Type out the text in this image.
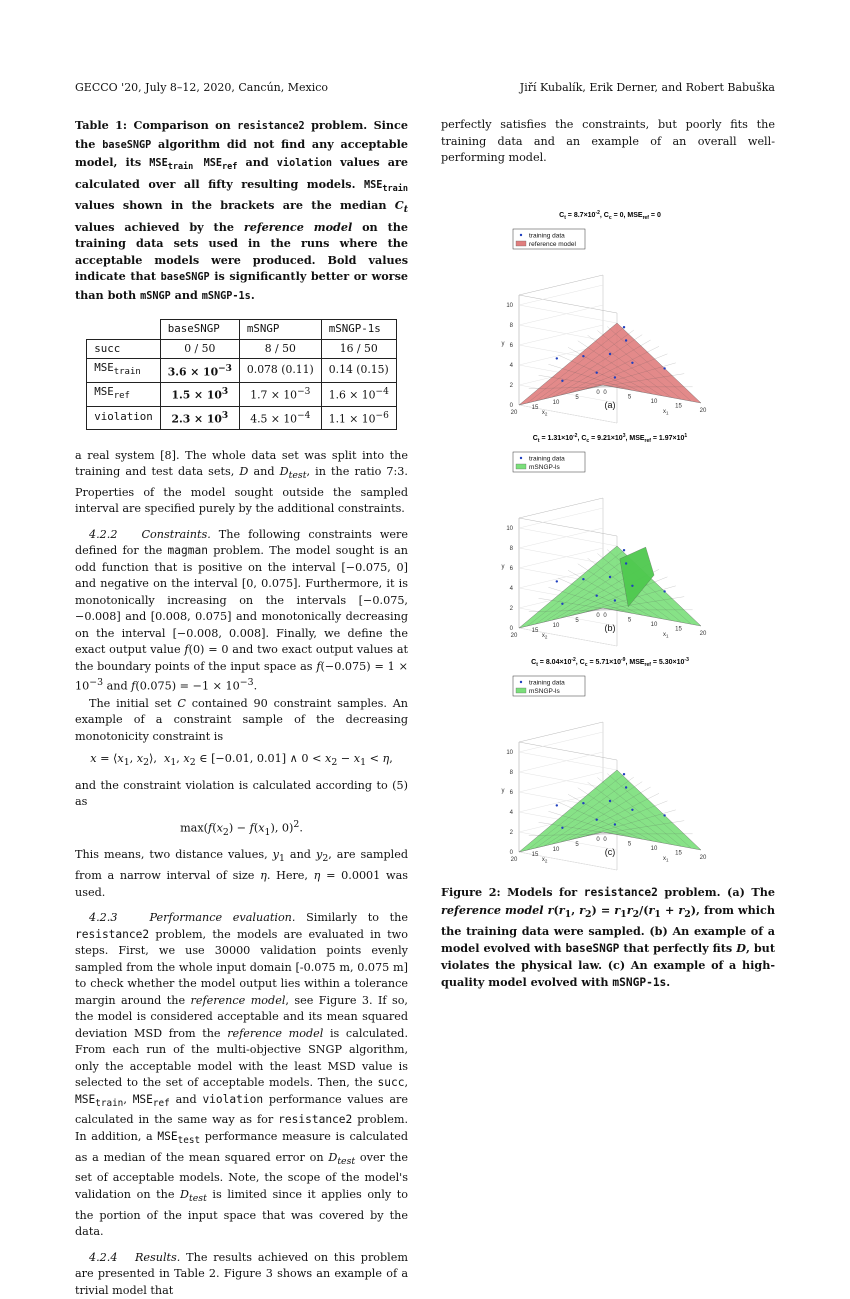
GECCO '20, July 8–12, 2020, Cancún, Mexico	Jiří Kubalík, Erik Derner, and Robert Babuška

Table 1: Comparison on resistance2 problem. Since the baseSNGP algorithm did not find any acceptable model, its $MSE_{train}$ $MSE_{ref}$ and violation values are calculated over all fifty resulting models. $MSE_{train}$ values shown in the brackets are the median $C_t$ values achieved by the reference model on the training data sets used in the runs where the acceptable models were produced. Bold values indicate that baseSNGP is significantly better or worse than both mSNGP and mSNGP-1s.

	baseSNGP	mSNGP	mSNGP-1s
succ	0 / 50	8 / 50	16 / 50
$MSE_{train}$	$3.6 \times 10^{-3}$	0.078 (0.11)	0.14 (0.15)
$MSE_{ref}$	$1.5 \times 10^3$	$1.7 \times 10^{-3}$	$1.6 \times 10^{-4}$
violation	$2.3 \times 10^3$	$4.5 \times 10^{-4}$	$1.1 \times 10^{-6}$

a real system [8]. The whole data set was split into the training and test data sets, D and $D_{test}$, in the ratio 7:3. Properties of the model sought outside the sampled interval are specified purely by the additional constraints.

4.2.2   Constraints. The following constraints were defined for the magman problem. The model sought is an odd function that is positive on the interval [−0.075, 0] and negative on the interval [0, 0.075]. Furthermore, it is monotonically increasing on the intervals [−0.075, −0.008] and [0.008, 0.075] and monotonically decreasing on the interval [−0.008, 0.008]. Finally, we define the exact output value f(0) = 0 and two exact output values at the boundary points of the input space as $f(-0.075) = 1 \times 10^{-3}$ and $f(0.075) = -1 \times 10^{-3}$.

The initial set C contained 90 constraint samples. An example of a constraint sample of the decreasing monotonicity constraint is

$x = ⟨x_1$, $x_2⟩$,  $x_1$, $x_2$ ∈ [−0.01, 0.01] ∧ $0 < x_2 - x_1 < \eta$,

and the constraint violation is calculated according to (5) as

$\max(f(x_2) - f(x_1)$, 0)$^2$.

This means, two distance values, $y_1$ and $y_2$, are sampled from a narrow interval of size η. Here, η = 0.0001 was used.

4.2.3   Performance evaluation. Similarly to the resistance2 problem, the models are evaluated in two steps. First, we use 30000 validation points evenly sampled from the whole input domain [-0.075 m, 0.075 m] to check whether the model output lies within a tolerance margin around the reference model, see Figure 3. If so, the model is considered acceptable and its mean squared deviation MSD from the reference model is calculated. From each run of the multi-objective SNGP algorithm, only the acceptable model with the least MSD value is selected to the set of acceptable models. Then, the succ, $MSE_{train}$, $MSE_{ref}$ and violation performance values are calculated in the same way as for resistance2 problem. In addition, a $MSE_{test}$ performance measure is calculated as a median of the mean squared error on $D_{test}$ over the set of acceptable models. Note, the scope of the model's validation on the $D_{test}$ is limited since it applies only to the portion of the input space that was covered by the data.

4.2.4   Results. The results achieved on this problem are presented in Table 2. Figure 3 shows an example of a trivial model that

perfectly satisfies the constraints, but poorly fits the training data and an example of an overall well-performing model.

$C_t = 8.7\times 10^{-2}$, $C_c = 0$, $MSE_{ref} = 0$
0
2
4
6
8
10
0
5
10
15
20
20
15
10
5
0
y
$x_1$
$x_2$
training data
reference model
(a)
$C_t = 1.31\times 10^{-2}$, $C_c = 9.21\times 10^3$, $MSE_{ref} = 1.97\times 10^1$
0
2
4
6
8
10
0
5
10
15
20
20
15
10
5
0
y
$x_1$
$x_2$
training data
mSNGP-ls
(b)
$C_t = 8.04\times 10^{-2}$, $C_c = 5.71\times 10^{-9}$, $MSE_{ref} = 5.30\times 10^{-3}$
0
2
4
6
8
10
0
5
10
15
20
20
15
10
5
0
y
$x_1$
$x_2$
training data
mSNGP-ls
(c)

Figure 2: Models for resistance2 problem. (a) The reference model $r(r_1$, $r_2) = r_1r_2/(r_1 + r_2)$, from which the training data were sampled. (b) An example of a model evolved with baseSNGP that perfectly fits D, but violates the physical law. (c) An example of a high-quality model evolved with mSNGP-1s.
